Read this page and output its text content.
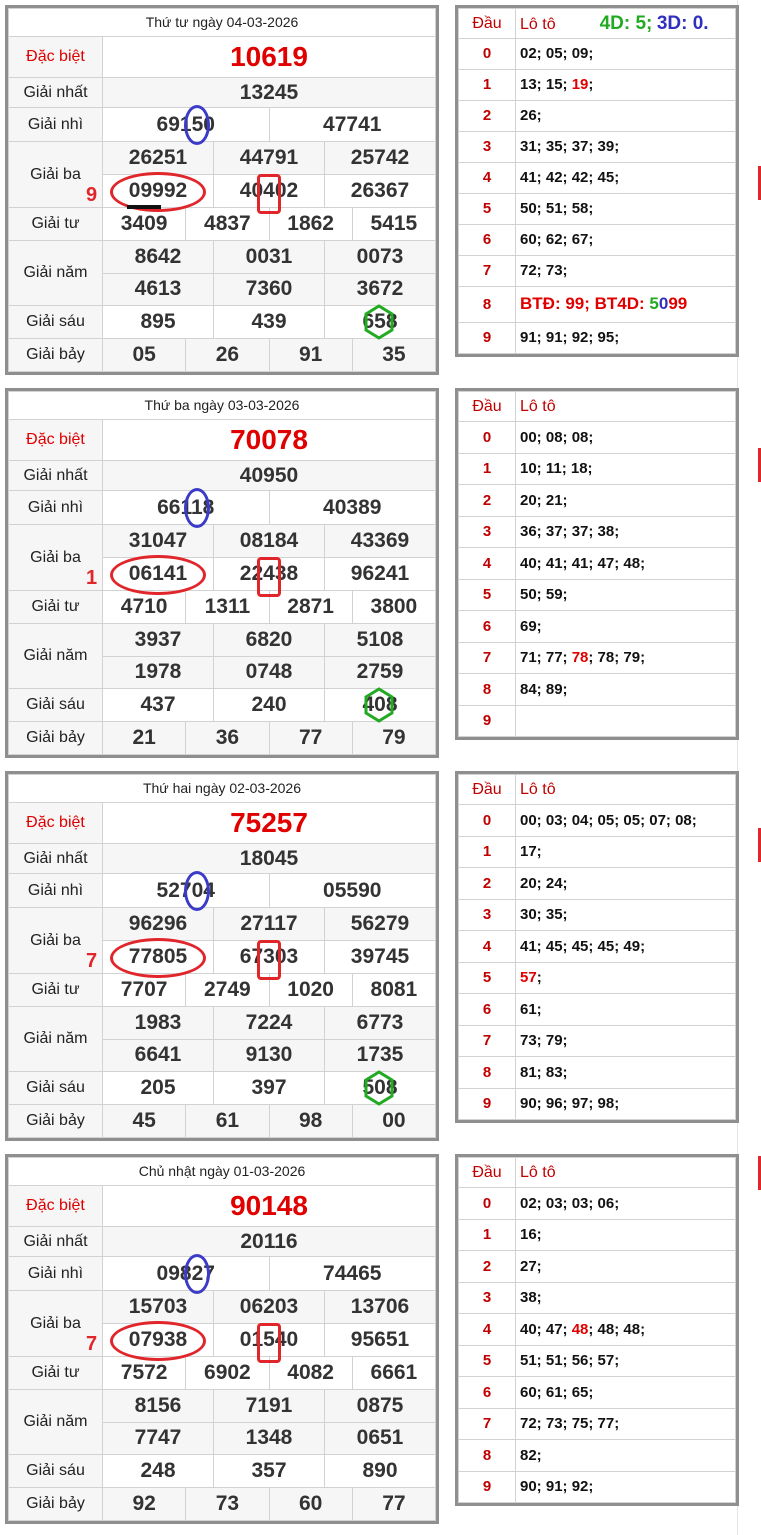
Thứ tư ngày 04-03-2026						
Đặc biệt	10619					
Giải nhất	13245					
Giải nhì	69150			47741		
Giải ba	26251		44791		25742	
	09992		40402		26367	
Giải tư	3409	4837		1862		5415
Giải năm	8642		0031		0073	
	4613		7360		3672	
Giải sáu	895		439		658	
Giải bảy	05	26		91		35
9
Đầu	Lô tô 4D: 5; 3D: 0.
0	02; 05; 09;
1	13; 15; 19;
2	26;
3	31; 35; 37; 39;
4	41; 42; 42; 45;
5	50; 51; 58;
6	60; 62; 67;
7	72; 73;
8	BTĐ: 99; BT4D: 5099
9	91; 91; 92; 95;
Thứ ba ngày 03-03-2026						
Đặc biệt	70078					
Giải nhất	40950					
Giải nhì	66118			40389		
Giải ba	31047		08184		43369	
	06141		22438		96241	
Giải tư	4710	1311		2871		3800
Giải năm	3937		6820		5108	
	1978		0748		2759	
Giải sáu	437		240		408	
Giải bảy	21	36		77		79
1
Đầu	Lô tô
0	00; 08; 08;
1	10; 11; 18;
2	20; 21;
3	36; 37; 37; 38;
4	40; 41; 41; 47; 48;
5	50; 59;
6	69;
7	71; 77; 78; 78; 79;
8	84; 89;
9	
Thứ hai ngày 02-03-2026						
Đặc biệt	75257					
Giải nhất	18045					
Giải nhì	52704			05590		
Giải ba	96296		27117		56279	
	77805		67303		39745	
Giải tư	7707	2749		1020		8081
Giải năm	1983		7224		6773	
	6641		9130		1735	
Giải sáu	205		397		508	
Giải bảy	45	61		98		00
7
Đầu	Lô tô
0	00; 03; 04; 05; 05; 07; 08;
1	17;
2	20; 24;
3	30; 35;
4	41; 45; 45; 45; 49;
5	57;
6	61;
7	73; 79;
8	81; 83;
9	90; 96; 97; 98;
Chủ nhật ngày 01-03-2026						
Đặc biệt	90148					
Giải nhất	20116					
Giải nhì	09827			74465		
Giải ba	15703		06203		13706	
	07938		01540		95651	
Giải tư	7572	6902		4082		6661
Giải năm	8156		7191		0875	
	7747		1348		0651	
Giải sáu	248		357		890	
Giải bảy	92	73		60		77
7
Đầu	Lô tô
0	02; 03; 03; 06;
1	16;
2	27;
3	38;
4	40; 47; 48; 48; 48;
5	51; 51; 56; 57;
6	60; 61; 65;
7	72; 73; 75; 77;
8	82;
9	90; 91; 92;
